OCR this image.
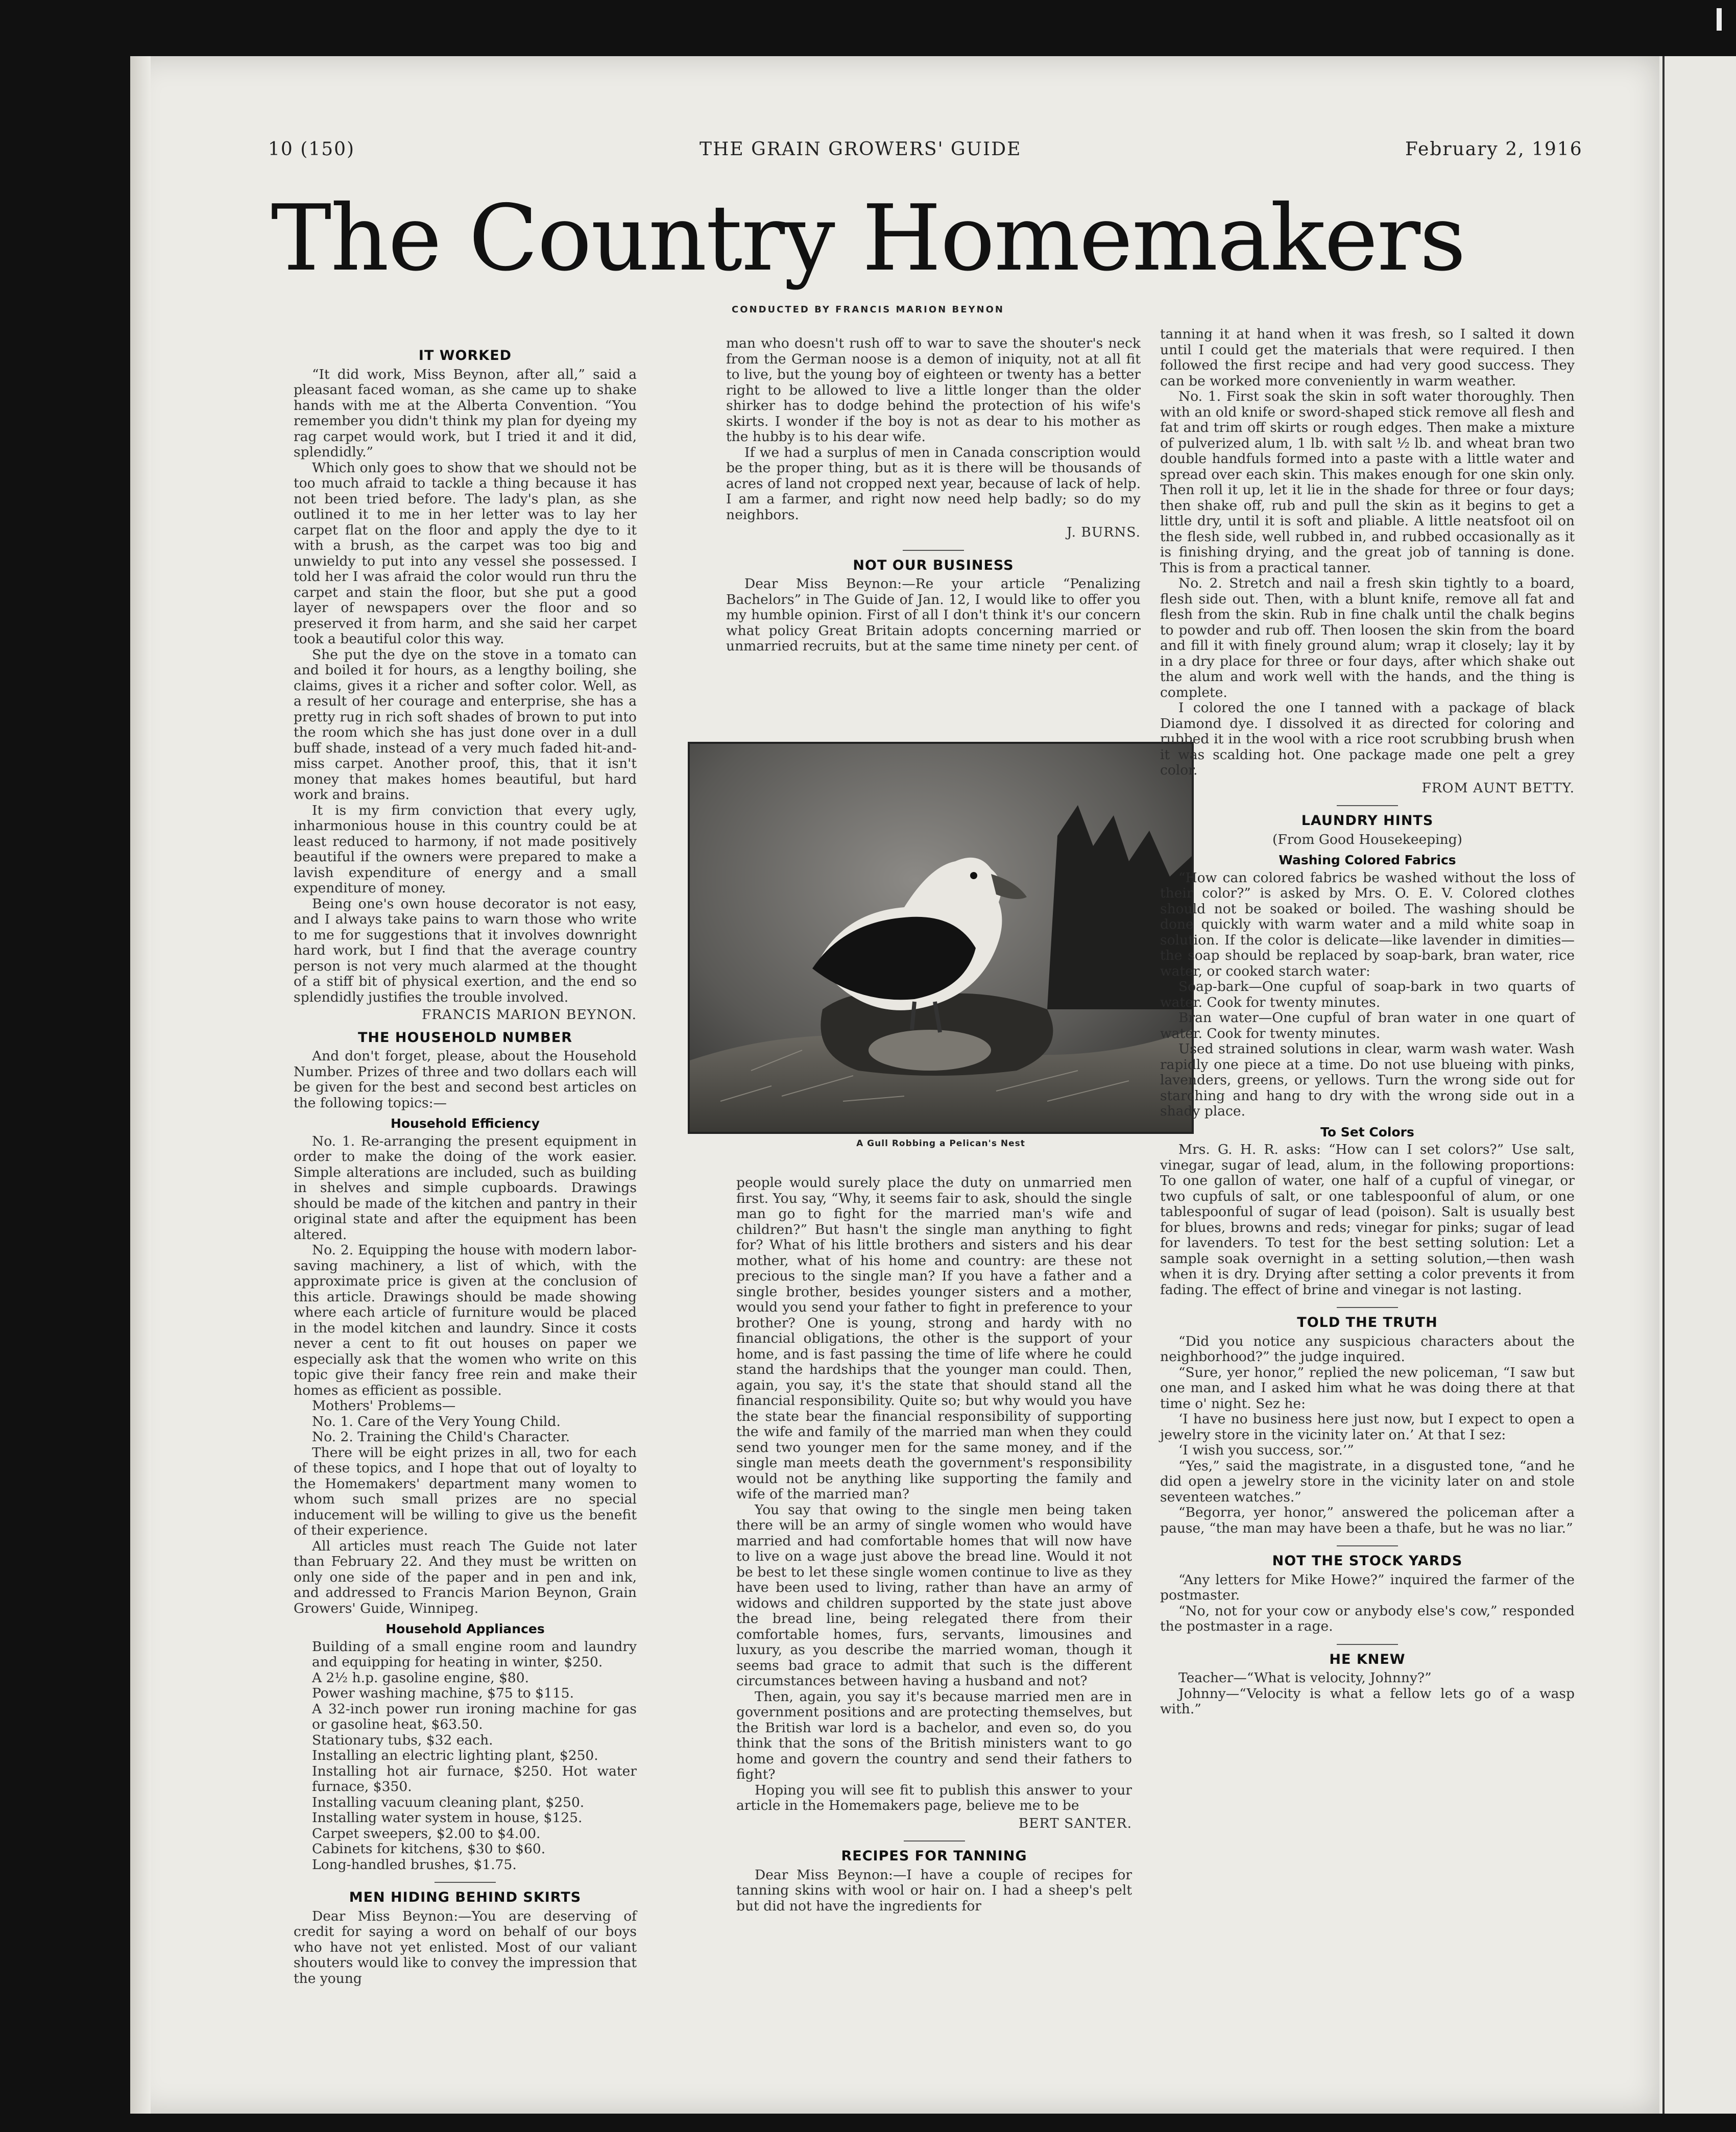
10 (150)	THE GRAIN GROWERS' GUIDE	February 2, 1916
The Country Homemakers
CONDUCTED BY FRANCIS MARION BEYNON
IT WORKED

“It did work, Miss Beynon, after all,” said a pleasant faced woman, as she came up to shake hands with me at the Alberta Convention. “You remember you didn't think my plan for dyeing my rag carpet would work, but I tried it and it did, splendidly.”

Which only goes to show that we should not be too much afraid to tackle a thing because it has not been tried before. The lady's plan, as she outlined it to me in her letter was to lay her carpet flat on the floor and apply the dye to it with a brush, as the carpet was too big and unwieldy to put into any vessel she possessed. I told her I was afraid the color would run thru the carpet and stain the floor, but she put a good layer of newspapers over the floor and so preserved it from harm, and she said her carpet took a beautiful color this way.

She put the dye on the stove in a tomato can and boiled it for hours, as a lengthy boiling, she claims, gives it a richer and softer color. Well, as a result of her courage and enterprise, she has a pretty rug in rich soft shades of brown to put into the room which she has just done over in a dull buff shade, instead of a very much faded hit-and-miss carpet. Another proof, this, that it isn't money that makes homes beautiful, but hard work and brains.

It is my firm conviction that every ugly, inharmonious house in this country could be at least reduced to harmony, if not made positively beautiful if the owners were prepared to make a lavish expenditure of energy and a small expenditure of money.

Being one's own house decorator is not easy, and I always take pains to warn those who write to me for suggestions that it involves downright hard work, but I find that the average country person is not very much alarmed at the thought of a stiff bit of physical exertion, and the end so splendidly justifies the trouble involved.

FRANCIS MARION BEYNON.

THE HOUSEHOLD NUMBER

And don't forget, please, about the Household Number. Prizes of three and two dollars each will be given for the best and second best articles on the following topics:—

Household Efficiency

No. 1. Re-arranging the present equipment in order to make the doing of the work easier. Simple alterations are included, such as building in shelves and simple cupboards. Drawings should be made of the kitchen and pantry in their original state and after the equipment has been altered.

No. 2. Equipping the house with modern labor-saving machinery, a list of which, with the approximate price is given at the conclusion of this article. Drawings should be made showing where each article of furniture would be placed in the model kitchen and laundry. Since it costs never a cent to fit out houses on paper we especially ask that the women who write on this topic give their fancy free rein and make their homes as efficient as possible.

Mothers' Problems—

No. 1. Care of the Very Young Child.

No. 2. Training the Child's Character.

There will be eight prizes in all, two for each of these topics, and I hope that out of loyalty to the Homemakers' department many women to whom such small prizes are no special inducement will be willing to give us the benefit of their experience.

All articles must reach The Guide not later than February 22. And they must be written on only one side of the paper and in pen and ink, and addressed to Francis Marion Beynon, Grain Growers' Guide, Winnipeg.

Household Appliances

Building of a small engine room and laundry and equipping for heating in winter, $250.

A 2½ h.p. gasoline engine, $80.

Power washing machine, $75 to $115.

A 32-inch power run ironing machine for gas or gasoline heat, $63.50.

Stationary tubs, $32 each.

Installing an electric lighting plant, $250.

Installing hot air furnace, $250. Hot water furnace, $350.

Installing vacuum cleaning plant, $250.

Installing water system in house, $125.

Carpet sweepers, $2.00 to $4.00.

Cabinets for kitchens, $30 to $60.

Long-handled brushes, $1.75.

MEN HIDING BEHIND SKIRTS

Dear Miss Beynon:—You are deserving of credit for saying a word on behalf of our boys who have not yet enlisted. Most of our valiant shouters would like to convey the impression that the young

man who doesn't rush off to war to save the shouter's neck from the German noose is a demon of iniquity, not at all fit to live, but the young boy of eighteen or twenty has a better right to be allowed to live a little longer than the older shirker has to dodge behind the protection of his wife's skirts. I wonder if the boy is not as dear to his mother as the hubby is to his dear wife.

If we had a surplus of men in Canada conscription would be the proper thing, but as it is there will be thousands of acres of land not cropped next year, because of lack of help. I am a farmer, and right now need help badly; so do my neighbors.

J. BURNS.

NOT OUR BUSINESS

Dear Miss Beynon:—Re your article “Penalizing Bachelors” in The Guide of Jan. 12, I would like to offer you my humble opinion. First of all I don't think it's our concern what policy Great Britain adopts concerning married or unmarried recruits, but at the same time ninety per cent. of

A Gull Robbing a Pelican's Nest

people would surely place the duty on unmarried men first. You say, “Why, it seems fair to ask, should the single man go to fight for the married man's wife and children?” But hasn't the single man anything to fight for? What of his little brothers and sisters and his dear mother, what of his home and country: are these not precious to the single man? If you have a father and a single brother, besides younger sisters and a mother, would you send your father to fight in preference to your brother? One is young, strong and hardy with no financial obligations, the other is the support of your home, and is fast passing the time of life where he could stand the hardships that the younger man could. Then, again, you say, it's the state that should stand all the financial responsibility. Quite so; but why would you have the state bear the financial responsibility of supporting the wife and family of the married man when they could send two younger men for the same money, and if the single man meets death the government's responsibility would not be anything like supporting the family and wife of the married man?

You say that owing to the single men being taken there will be an army of single women who would have married and had comfortable homes that will now have to live on a wage just above the bread line. Would it not be best to let these single women continue to live as they have been used to living, rather than have an army of widows and children supported by the state just above the bread line, being relegated there from their comfortable homes, furs, servants, limousines and luxury, as you describe the married woman, though it seems bad grace to admit that such is the different circumstances between having a husband and not?

Then, again, you say it's because married men are in government positions and are protecting themselves, but the British war lord is a bachelor, and even so, do you think that the sons of the British ministers want to go home and govern the country and send their fathers to fight?

Hoping you will see fit to publish this answer to your article in the Homemakers page, believe me to be

BERT SANTER.

RECIPES FOR TANNING

Dear Miss Beynon:—I have a couple of recipes for tanning skins with wool or hair on. I had a sheep's pelt but did not have the ingredients for

tanning it at hand when it was fresh, so I salted it down until I could get the materials that were required. I then followed the first recipe and had very good success. They can be worked more conveniently in warm weather.

No. 1. First soak the skin in soft water thoroughly. Then with an old knife or sword-shaped stick remove all flesh and fat and trim off skirts or rough edges. Then make a mixture of pulverized alum, 1 lb. with salt ½ lb. and wheat bran two double handfuls formed into a paste with a little water and spread over each skin. This makes enough for one skin only. Then roll it up, let it lie in the shade for three or four days; then shake off, rub and pull the skin as it begins to get a little dry, until it is soft and pliable. A little neatsfoot oil on the flesh side, well rubbed in, and rubbed occasionally as it is finishing drying, and the great job of tanning is done. This is from a practical tanner.

No. 2. Stretch and nail a fresh skin tightly to a board, flesh side out. Then, with a blunt knife, remove all fat and flesh from the skin. Rub in fine chalk until the chalk begins to powder and rub off. Then loosen the skin from the board and fill it with finely ground alum; wrap it closely; lay it by in a dry place for three or four days, after which shake out the alum and work well with the hands, and the thing is complete.

I colored the one I tanned with a package of black Diamond dye. I dissolved it as directed for coloring and rubbed it in the wool with a rice root scrubbing brush when it was scalding hot. One package made one pelt a grey color.

FROM AUNT BETTY.

LAUNDRY HINTS

(From Good Housekeeping)

Washing Colored Fabrics

“How can colored fabrics be washed without the loss of their color?” is asked by Mrs. O. E. V. Colored clothes should not be soaked or boiled. The washing should be done quickly with warm water and a mild white soap in solution. If the color is delicate—like lavender in dimities—the soap should be replaced by soap-bark, bran water, rice water, or cooked starch water:

Soap-bark—One cupful of soap-bark in two quarts of water. Cook for twenty minutes.

Bran water—One cupful of bran water in one quart of water. Cook for twenty minutes.

Used strained solutions in clear, warm wash water. Wash rapidly one piece at a time. Do not use blueing with pinks, lavenders, greens, or yellows. Turn the wrong side out for starching and hang to dry with the wrong side out in a shady place.

To Set Colors

Mrs. G. H. R. asks: “How can I set colors?” Use salt, vinegar, sugar of lead, alum, in the following proportions: To one gallon of water, one half of a cupful of vinegar, or two cupfuls of salt, or one tablespoonful of alum, or one tablespoonful of sugar of lead (poison). Salt is usually best for blues, browns and reds; vinegar for pinks; sugar of lead for lavenders. To test for the best setting solution: Let a sample soak overnight in a setting solution,—then wash when it is dry. Drying after setting a color prevents it from fading. The effect of brine and vinegar is not lasting.

TOLD THE TRUTH

“Did you notice any suspicious characters about the neighborhood?” the judge inquired.

“Sure, yer honor,” replied the new policeman, “I saw but one man, and I asked him what he was doing there at that time o' night. Sez he:

‘I have no business here just now, but I expect to open a jewelry store in the vicinity later on.’ At that I sez:

‘I wish you success, sor.’”

“Yes,” said the magistrate, in a disgusted tone, “and he did open a jewelry store in the vicinity later on and stole seventeen watches.”

“Begorra, yer honor,” answered the policeman after a pause, “the man may have been a thafe, but he was no liar.”

NOT THE STOCK YARDS

“Any letters for Mike Howe?” inquired the farmer of the postmaster.

“No, not for your cow or anybody else's cow,” responded the postmaster in a rage.

HE KNEW

Teacher—“What is velocity, Johnny?”

Johnny—“Velocity is what a fellow lets go of a wasp with.”
